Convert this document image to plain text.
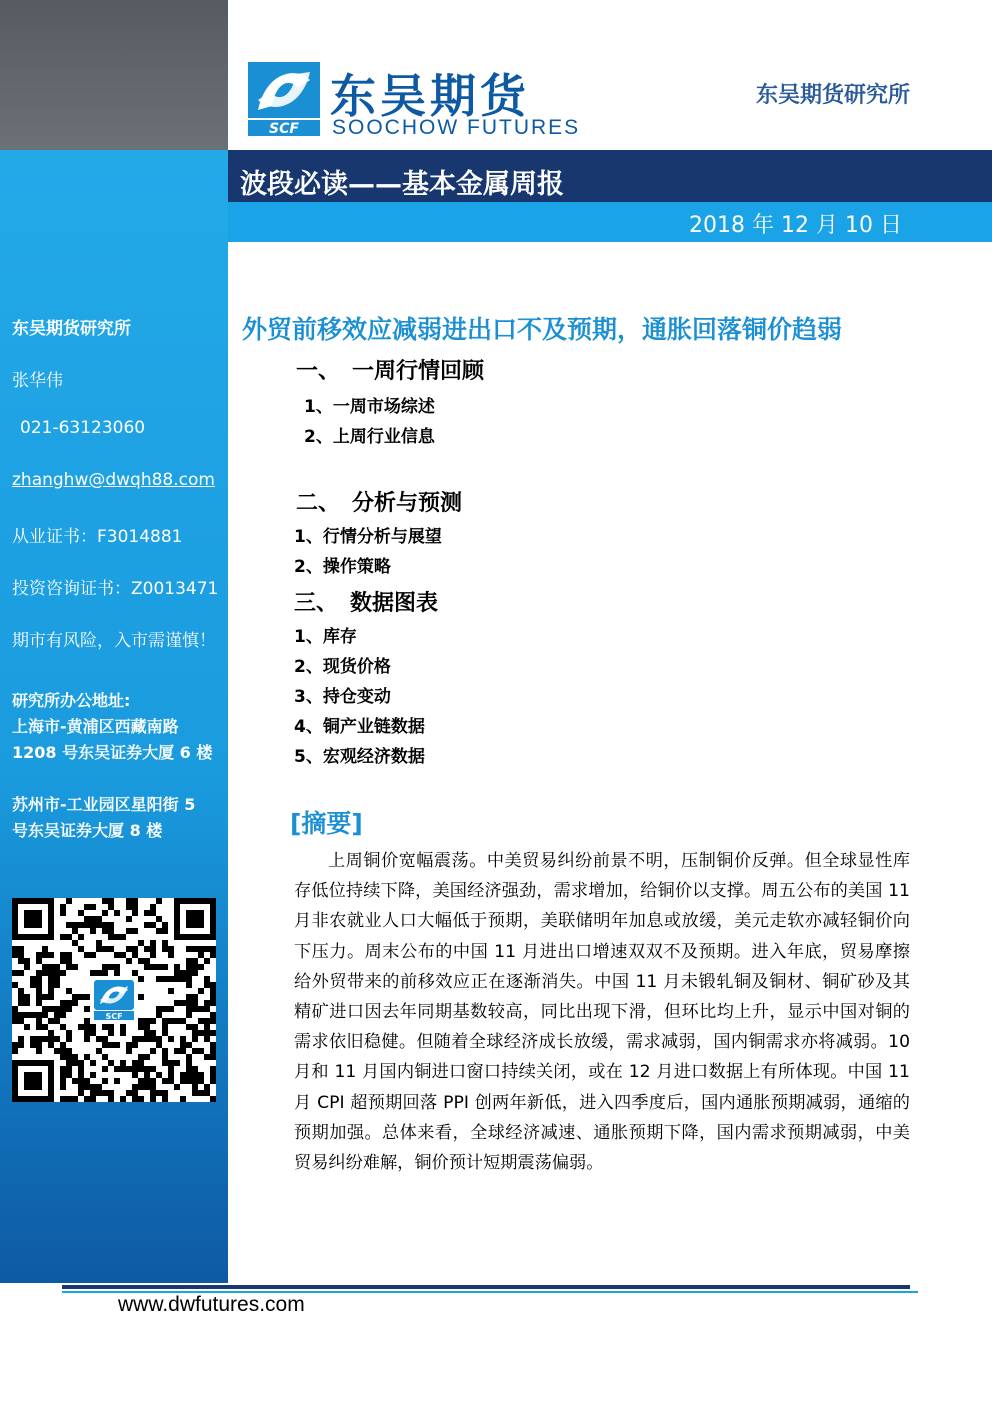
东吴期货研究所
张华伟
021-63123060
zhanghw@dwqh88.com
从业证书：F3014881
投资咨询证书：Z0013471
期市有风险，入市需谨慎！
研究所办公地址:
上海市-黄浦区西藏南路
1208 号东吴证券大厦 6 楼
苏州市-工业园区星阳街 5
号东吴证券大厦 8 楼
SCF
SCF
东吴期货
SOOCHOW FUTURES
东吴期货研究所
波段必读——基本金属周报
2018 年 12 月 10 日
外贸前移效应减弱进出口不及预期，通胀回落铜价趋弱
一、 一周行情回顾
1、一周市场综述
2、上周行业信息
二、 分析与预测
1、行情分析与展望
2、操作策略
三、 数据图表
1、库存
2、现货价格
3、持仓变动
4、铜产业链数据
5、宏观经济数据
[摘要]
上周铜价宽幅震荡。中美贸易纠纷前景不明，压制铜价反弹。但全球显性库存低位持续下降，美国经济强劲，需求增加，给铜价以支撑。周五公布的美国 11 月非农就业人口大幅低于预期，美联储明年加息或放缓，美元走软亦减轻铜价向下压力。周末公布的中国 11 月进出口增速双双不及预期。进入年底，贸易摩擦给外贸带来的前移效应正在逐渐消失。中国 11 月未锻轧铜及铜材、铜矿砂及其精矿进口因去年同期基数较高，同比出现下滑，但环比均上升，显示中国对铜的需求依旧稳健。但随着全球经济成长放缓，需求减弱，国内铜需求亦将减弱。10 月和 11 月国内铜进口窗口持续关闭，或在 12 月进口数据上有所体现。中国 11 月 CPI 超预期回落 PPI 创两年新低，进入四季度后，国内通胀预期减弱，通缩的预期加强。总体来看，全球经济减速、通胀预期下降，国内需求预期减弱，中美贸易纠纷难解，铜价预计短期震荡偏弱。
www.dwfutures.com
